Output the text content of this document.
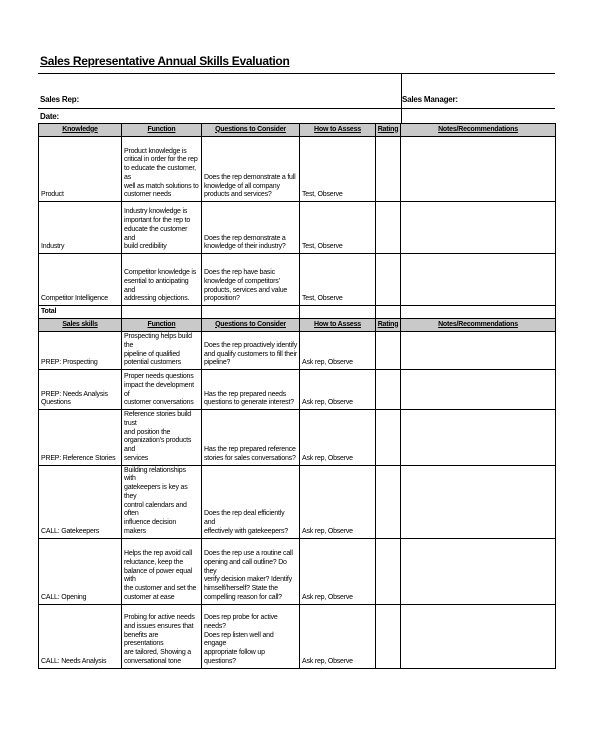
Sales Representative Annual Skills Evaluation
Sales Rep:	Sales Manager:
Date:
Knowledge	Function	Questions to Consider	How to Assess	Rating	Notes/Recommendations
Product	Product knowledge is
critical in order for the rep
to educate the customer, as
well as match solutions to
customer needs	Does the rep demonstrate a full
knowledge of all company
products and services?	Test, Observe		
Industry	Industry knowledge is
important for the rep to
educate the customer and
build credibility	Does the rep demonstrate a
knowledge of their industry?	Test, Observe		
Competitor Intelligence	Competitor knowledge is
esential to anticipating and
addressing objections.	Does the rep have basic
knowledge of competitors'
products, services and value
proposition?	Test, Observe		
Total					
Sales skills	Function	Questions to Consider	How to Assess	Rating	Notes/Recommendations
PREP: Prospecting	Prospecting helps build the
pipeline of qualified
potential customers	Does the rep proactively identify
and qualify customers to fill their
pipeline?	Ask rep, Observe		
PREP: Needs Analysis
Questions	Proper needs questions
impact the development of
customer conversations	Has the rep prepared needs
questions to generate interest?	Ask rep, Observe		
PREP: Reference Stories	Reference stories build trust
and position the
organization's products and
services	Has the rep prepared reference
stories for sales conversations?	Ask rep, Observe		
CALL: Gatekeepers	Building relationships with
gatekeepers is key as they
control calendars and often
influence decision makers	Does the rep deal efficiently and
effectively with gatekeepers?	Ask rep, Observe		
CALL: Opening	Helps the rep avoid call
reluctance, keep the
balance of power equal with
the customer and set the
customer at ease	Does the rep use a routine call
opening and call outline? Do they
verify decision maker? Identify
himself/herself? State the
compelling reason for call?	Ask rep, Observe		
CALL: Needs Analysis	Probing for active needs
and issues ensures that
benefits are presentations
are tailored, Showing a
conversational tone	Does rep probe for active needs?
Does rep listen well and engage
appropriate follow up questions?	Ask rep, Observe		
